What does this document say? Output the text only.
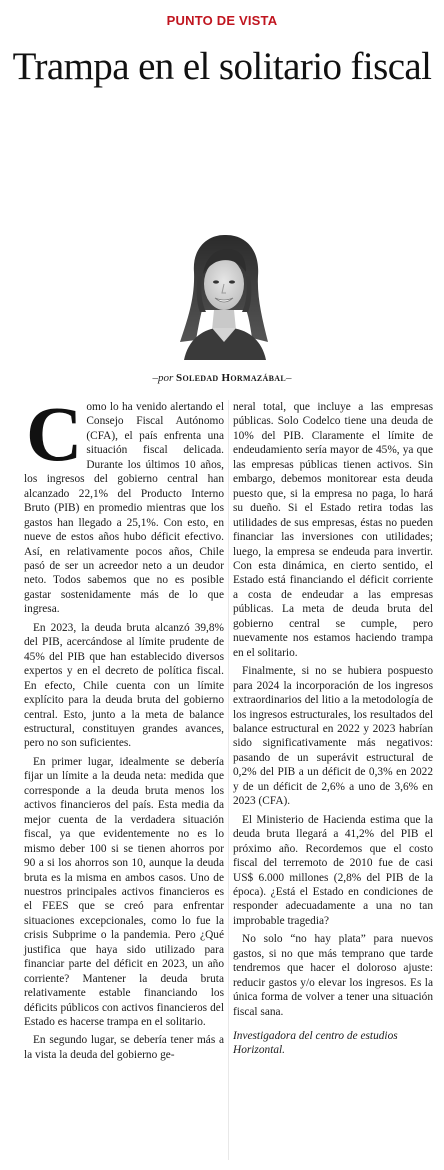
PUNTO DE VISTA
Trampa en el solitario fiscal
–por Soledad Hormazábal–

Como lo ha venido alertando el Consejo Fiscal Autónomo (CFA), el país enfrenta una situación fiscal delicada. Durante los últimos 10 años, los ingresos del gobierno central han alcanzado 22,1% del Producto Interno Bruto (PIB) en promedio mientras que los gastos han llegado a 25,1%. Con esto, en nueve de estos años hubo déficit efectivo. Así, en relativamente pocos años, Chile pasó de ser un acreedor neto a un deudor neto. Todos sabemos que no es posible gastar sostenidamente más de lo que ingresa.

En 2023, la deuda bruta alcanzó 39,8% del PIB, acercándose al límite prudente de 45% del PIB que han establecido diversos expertos y en el decreto de política fiscal. En efecto, Chile cuenta con un límite explícito para la deuda bruta del gobierno central. Esto, junto a la meta de balance estructural, constituyen grandes avances, pero no son suficientes.

En primer lugar, idealmente se debería fijar un límite a la deuda neta: medida que corresponde a la deuda bruta menos los activos financieros del país. Esta media da mejor cuenta de la verdadera situación fiscal, ya que evidentemente no es lo mismo deber 100 si se tienen ahorros por 90 a si los ahorros son 10, aunque la deuda bruta es la misma en ambos casos. Uno de nuestros principales activos financieros es el FEES que se creó para enfrentar situaciones excepcionales, como lo fue la crisis Subprime o la pandemia. Pero ¿Qué justifica que haya sido utilizado para financiar parte del déficit en 2023, un año corriente? Mantener la deuda bruta relativamente estable financiando los déficits públicos con activos financieros del Estado es hacerse trampa en el solitario.

En segundo lugar, se debería tener más a la vista la deuda del gobierno ge-

neral total, que incluye a las empresas públicas. Solo Codelco tiene una deuda de 10% del PIB. Claramente el límite de endeudamiento sería mayor de 45%, ya que las empresas públicas tienen activos. Sin embargo, debemos monitorear esta deuda puesto que, si la empresa no paga, lo hará su dueño. Si el Estado retira todas las utilidades de sus empresas, éstas no pueden financiar las inversiones con utilidades; luego, la empresa se endeuda para invertir. Con esta dinámica, en cierto sentido, el Estado está financiando el déficit corriente a costa de endeudar a las empresas públicas. La meta de deuda bruta del gobierno central se cumple, pero nuevamente nos estamos haciendo trampa en el solitario.

Finalmente, si no se hubiera pospuesto para 2024 la incorporación de los ingresos extraordinarios del litio a la metodología de los ingresos estructurales, los resultados del balance estructural en 2022 y 2023 habrían sido significativamente más negativos: pasando de un superávit estructural de 0,2% del PIB a un déficit de 0,3% en 2022 y de un déficit de 2,6% a uno de 3,6% en 2023 (CFA).

El Ministerio de Hacienda estima que la deuda bruta llegará a 41,2% del PIB el próximo año. Recordemos que el costo fiscal del terremoto de 2010 fue de casi US$ 6.000 millones (2,8% del PIB de la época). ¿Está el Estado en condiciones de responder adecuadamente a una no tan improbable tragedia?

No solo “no hay plata” para nuevos gastos, si no que más temprano que tarde tendremos que hacer el doloroso ajuste: reducir gastos y/o elevar los ingresos. Es la única forma de volver a tener una situación fiscal sana.

Investigadora del centro de estudios Horizontal.
